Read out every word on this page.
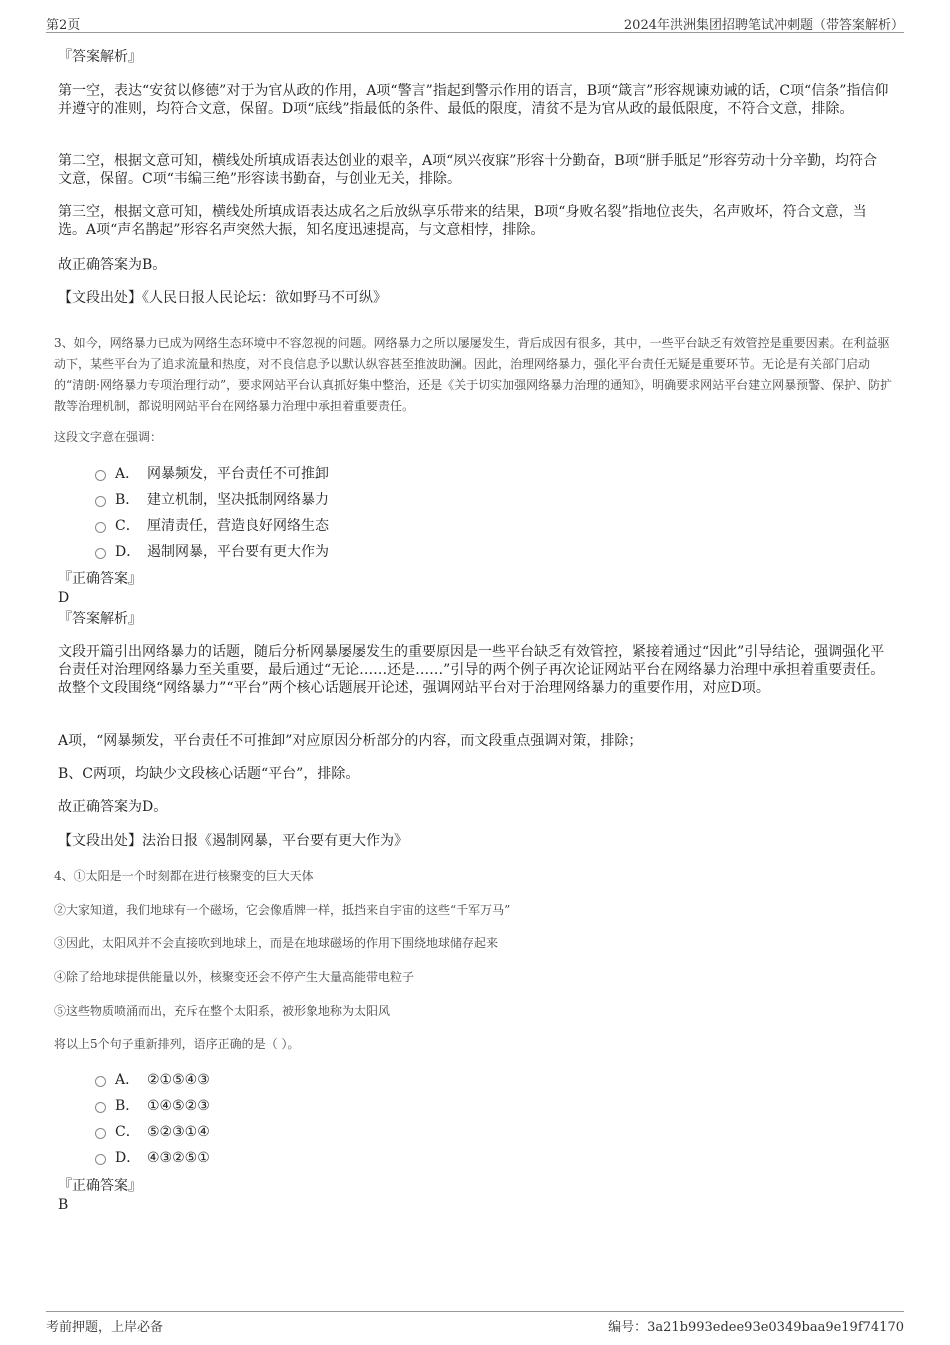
第2页	2024年洪洲集团招聘笔试冲刺题（带答案解析）

『答案解析』

第一空，表达“安贫以修德”对于为官从政的作用，A项“警言”指起到警示作用的语言，B项“箴言”形容规谏劝诫的话，C项“信条”指信仰并遵守的准则，均符合文意，保留。D项“底线”指最低的条件、最低的限度，清贫不是为官从政的最低限度，不符合文意，排除。

第二空，根据文意可知，横线处所填成语表达创业的艰辛，A项“夙兴夜寐”形容十分勤奋，B项“胼手胝足”形容劳动十分辛勤，均符合文意，保留。C项“韦编三绝”形容读书勤奋，与创业无关，排除。

第三空，根据文意可知，横线处所填成语表达成名之后放纵享乐带来的结果，B项“身败名裂”指地位丧失，名声败坏，符合文意，当选。A项“声名鹊起”形容名声突然大振，知名度迅速提高，与文意相悖，排除。

故正确答案为B。

【文段出处】《人民日报人民论坛：欲如野马不可纵》

3、如今，网络暴力已成为网络生态环境中不容忽视的问题。网络暴力之所以屡屡发生，背后成因有很多，其中，一些平台缺乏有效管控是重要因素。在利益驱动下，某些平台为了追求流量和热度，对不良信息予以默认纵容甚至推波助澜。因此，治理网络暴力，强化平台责任无疑是重要环节。无论是有关部门启动的“清朗·网络暴力专项治理行动”，要求网站平台认真抓好集中整治，还是《关于切实加强网络暴力治理的通知》，明确要求网站平台建立网暴预警、保护、防扩散等治理机制，都说明网站平台在网络暴力治理中承担着重要责任。

这段文字意在强调：

A． 网暴频发，平台责任不可推卸
B． 建立机制，坚决抵制网络暴力
C． 厘清责任，营造良好网络生态
D． 遏制网暴，平台要有更大作为

『正确答案』

D

『答案解析』

文段开篇引出网络暴力的话题，随后分析网暴屡屡发生的重要原因是一些平台缺乏有效管控，紧接着通过“因此”引导结论，强调强化平台责任对治理网络暴力至关重要，最后通过“无论……还是……”引导的两个例子再次论证网站平台在网络暴力治理中承担着重要责任。故整个文段围绕“网络暴力”“平台”两个核心话题展开论述，强调网站平台对于治理网络暴力的重要作用，对应D项。

A项，“网暴频发，平台责任不可推卸”对应原因分析部分的内容，而文段重点强调对策，排除；

B、C两项，均缺少文段核心话题“平台”，排除。

故正确答案为D。

【文段出处】法治日报《遏制网暴，平台要有更大作为》

4、①太阳是一个时刻都在进行核聚变的巨大天体

②大家知道，我们地球有一个磁场，它会像盾牌一样，抵挡来自宇宙的这些“千军万马”

③因此，太阳风并不会直接吹到地球上，而是在地球磁场的作用下围绕地球储存起来

④除了给地球提供能量以外，核聚变还会不停产生大量高能带电粒子

⑤这些物质喷涌而出，充斥在整个太阳系，被形象地称为太阳风

将以上5个句子重新排列，语序正确的是（ ）。

A． ②①⑤④③
B． ①④⑤②③
C． ⑤②③①④
D． ④③②⑤①

『正确答案』

B

考前押题，上岸必备	编号：3a21b993edee93e0349baa9e19f74170
